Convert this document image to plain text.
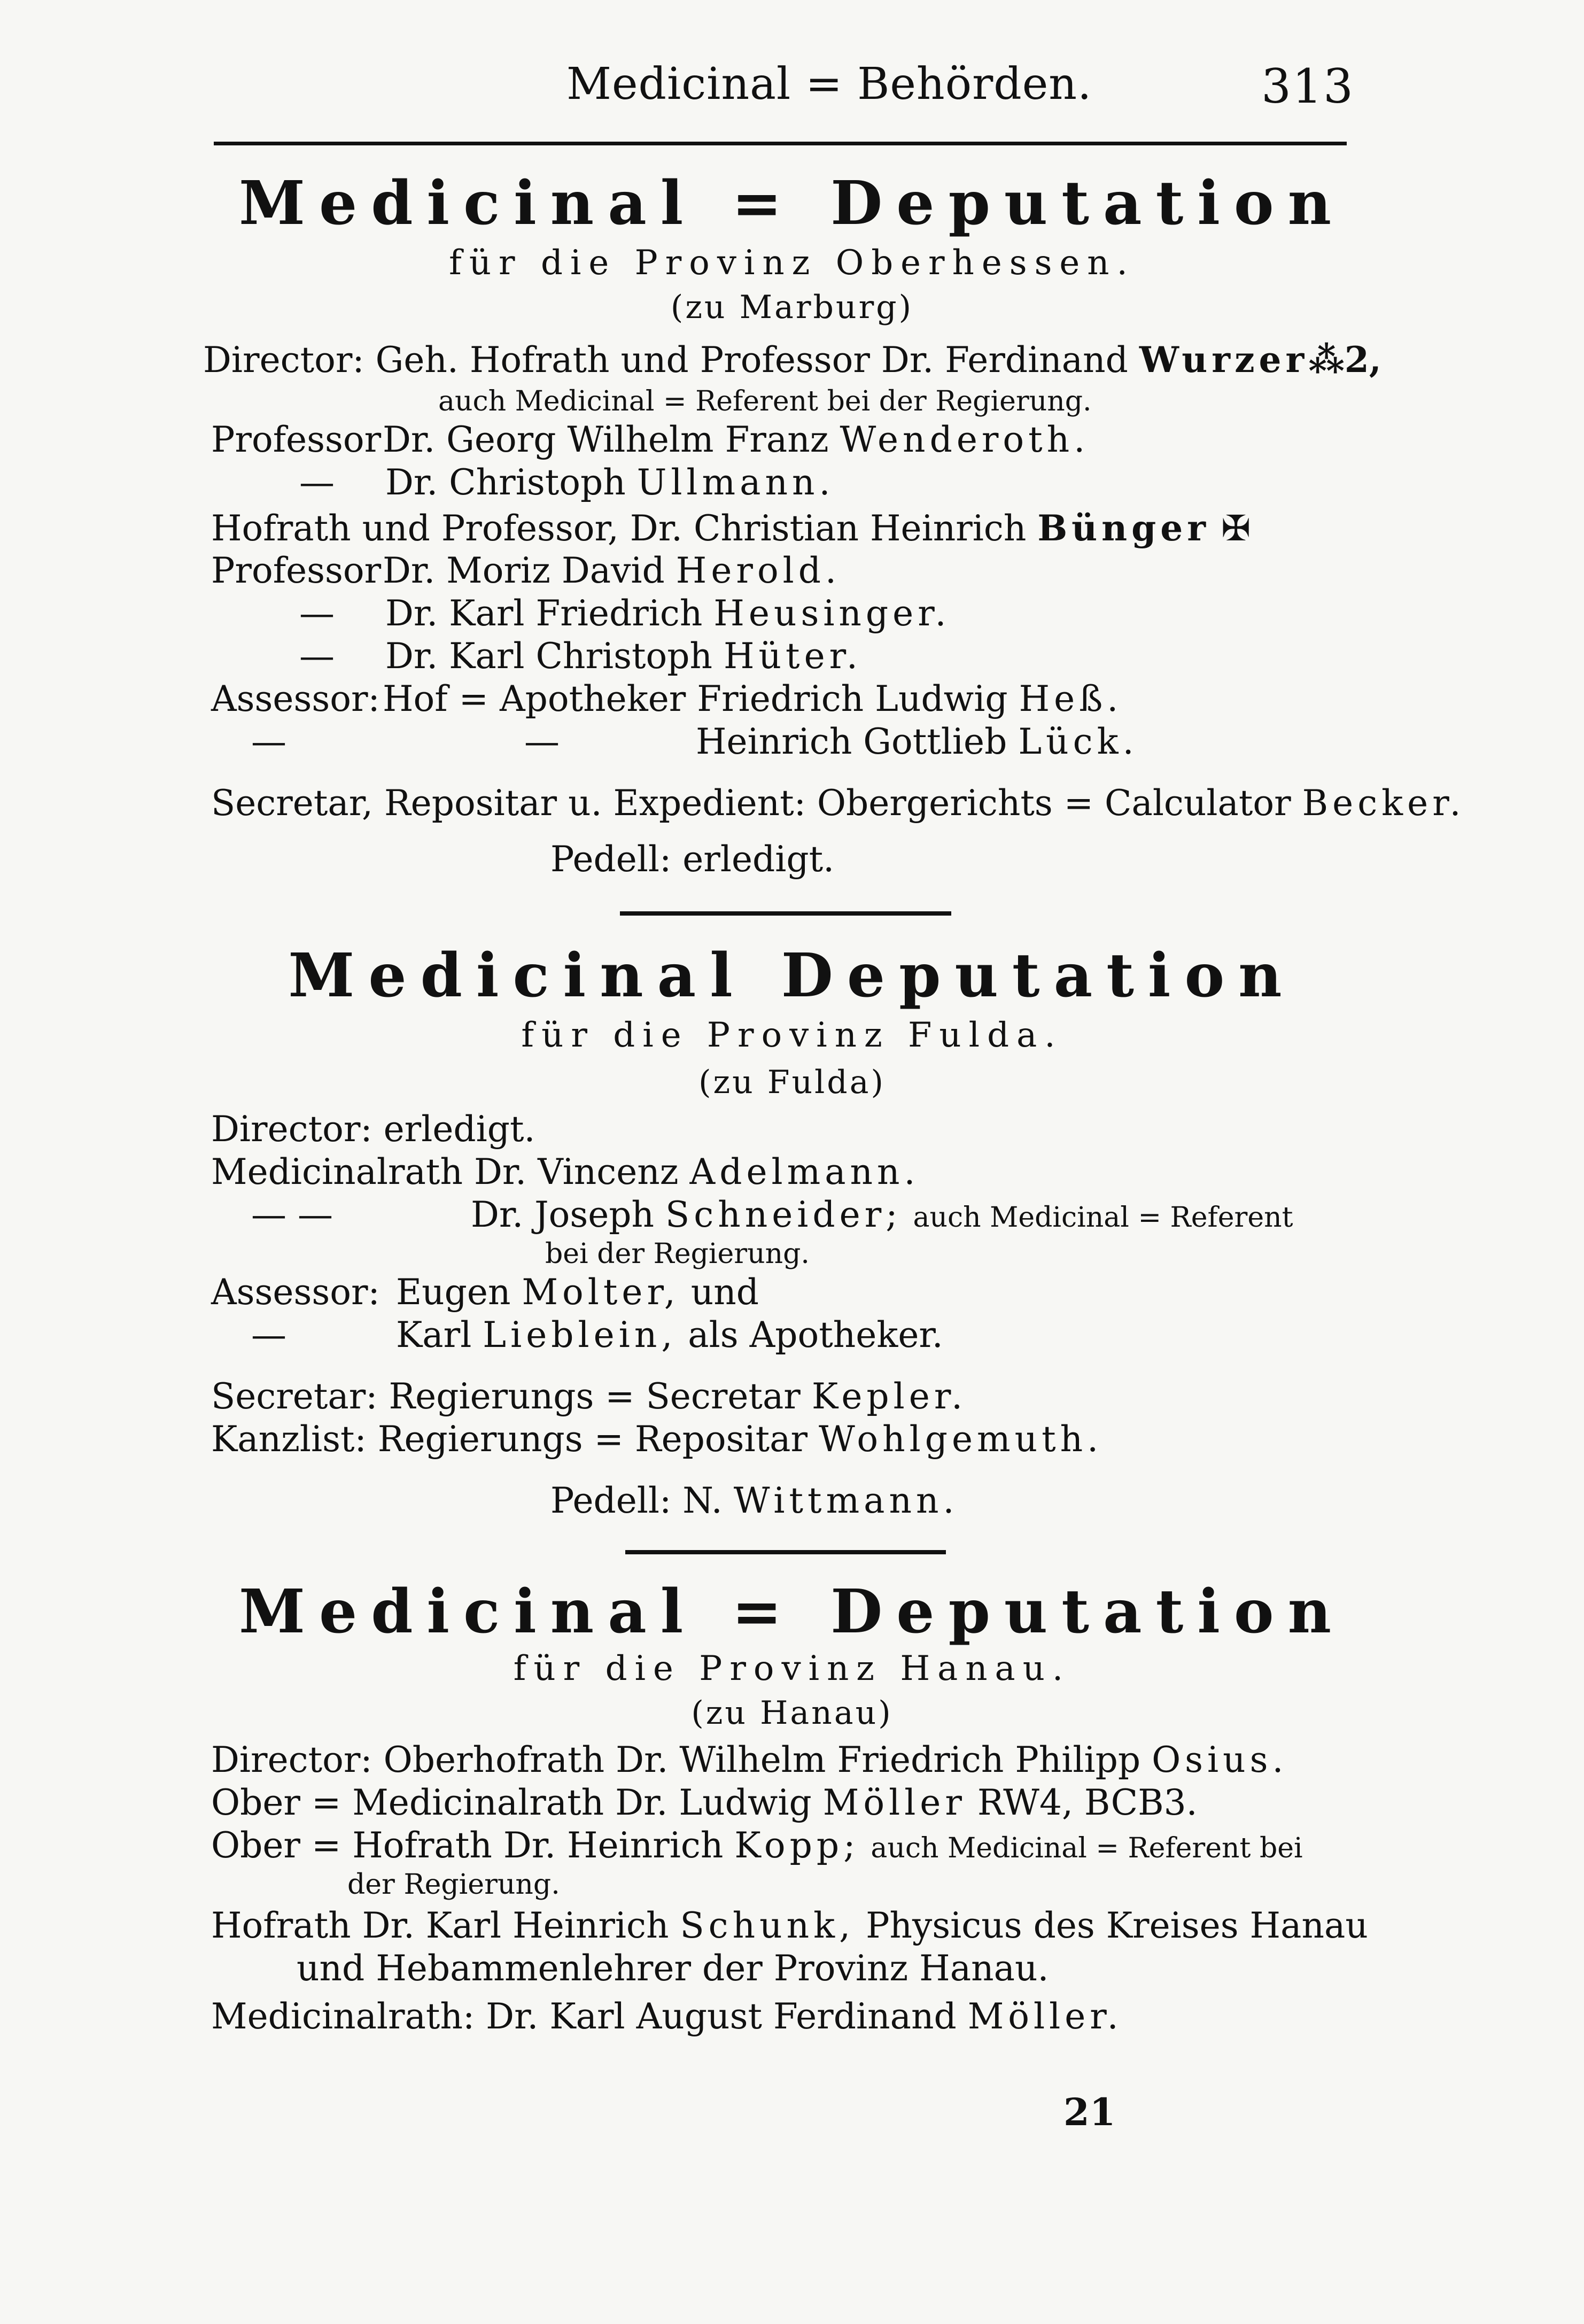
Medicinal = Behörden.	313
Medicinal = Deputation
für die Provinz Oberhessen.
(zu Marburg)
Director: Geh. Hofrath und Professor Dr. Ferdinand Wurzer⁂2,
auch Medicinal = Referent bei der Regierung.
Professor Dr. Georg Wilhelm Franz Wenderoth.
— Dr. Christoph Ullmann.
Hofrath und Professor, Dr. Christian Heinrich Bünger ✠
Professor Dr. Moriz David Herold.
— Dr. Karl Friedrich Heusinger.
— Dr. Karl Christoph Hüter.
Assessor: Hof = Apotheker Friedrich Ludwig Heß.
—	—	Heinrich Gottlieb Lück.
Secretar, Repositar u. Expedient: Obergerichts = Calculator Becker.
Pedell: erledigt.
Medicinal Deputation
für die Provinz Fulda.
(zu Fulda)
Director: erledigt.
Medicinalrath Dr. Vincenz Adelmann.
— —	Dr. Joseph Schneider; auch Medicinal = Referent
bei der Regierung.
Assessor: Eugen Molter, und
—	Karl Lieblein, als Apotheker.
Secretar: Regierungs = Secretar Kepler.
Kanzlist: Regierungs = Repositar Wohlgemuth.
Pedell: N. Wittmann.
Medicinal = Deputation
für die Provinz Hanau.
(zu Hanau)
Director: Oberhofrath Dr. Wilhelm Friedrich Philipp Osius.
Ober = Medicinalrath Dr. Ludwig Möller RW4, BCB3.
Ober = Hofrath Dr. Heinrich Kopp; auch Medicinal = Referent bei
der Regierung.
Hofrath Dr. Karl Heinrich Schunk, Physicus des Kreises Hanau
und Hebammenlehrer der Provinz Hanau.
Medicinalrath: Dr. Karl August Ferdinand Möller.
21
